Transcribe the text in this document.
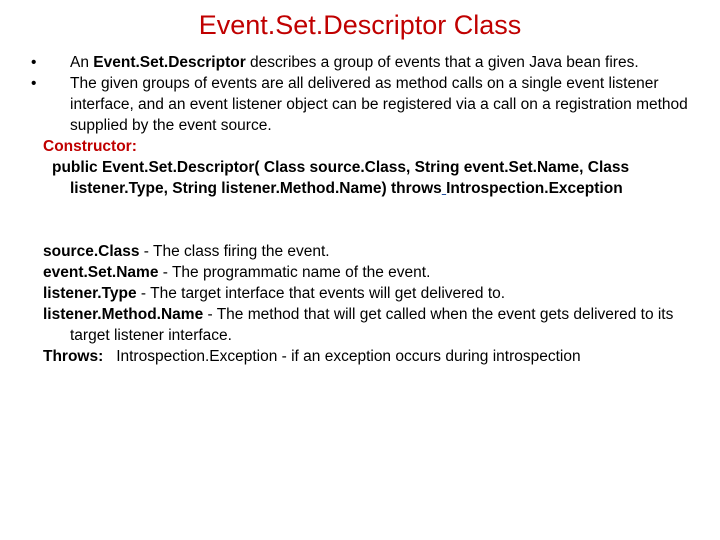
Event.Set.Descriptor Class

• An Event.Set.Descriptor describes a group of events that a given Java bean fires.

• The given groups of events are all delivered as method calls on a single event listener interface, and an event listener object can be registered via a call on a registration method supplied by the event source.

Constructor:

public Event.Set.Descriptor( Class source.Class, String event.Set.Name, Class listener.Type, String listener.Method.Name) throws Introspection.Exception

source.Class - The class firing the event.

event.Set.Name - The programmatic name of the event.

listener.Type - The target interface that events will get delivered to.

listener.Method.Name - The method that will get called when the event gets delivered to its target listener interface.

Throws: Introspection.Exception - if an exception occurs during introspection
